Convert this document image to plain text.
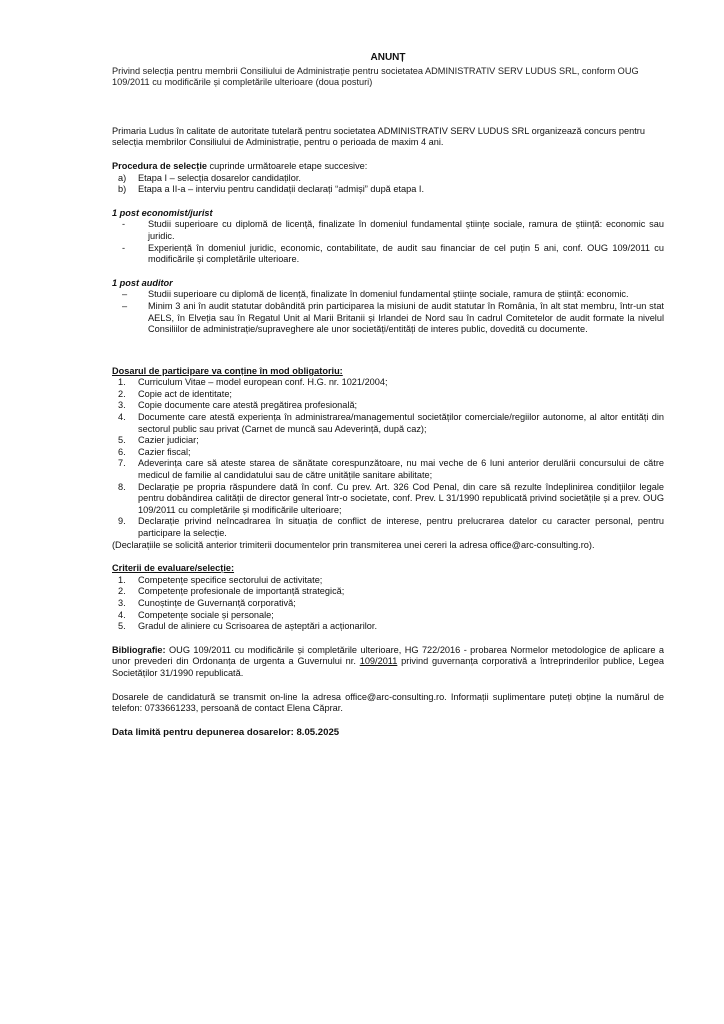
ANUNȚ

Privind selecția pentru membrii Consiliului de Administrație pentru societatea ADMINISTRATIV SERV LUDUS SRL, conform OUG 109/2011 cu modificările și completările ulterioare (doua posturi)

Primaria Ludus în calitate de autoritate tutelară pentru societatea ADMINISTRATIV SERV LUDUS SRL organizează concurs pentru selecția membrilor Consiliului de Administrație, pentru o perioada de maxim 4 ani.

Procedura de selecție cuprinde următoarele etape succesive:

a)	Etapa I – selecția dosarelor candidaților.
b)	Etapa a II-a – interviu pentru candidații declarați “admiși” după etapa I.

1 post economist/jurist

-	Studii superioare cu diplomă de licență, finalizate în domeniul fundamental științe sociale, ramura de știință: economic sau juridic.
-	Experiență în domeniul juridic, economic, contabilitate, de audit sau financiar de cel puțin 5 ani, conf. OUG 109/2011 cu modificările și completările ulterioare.

1 post auditor

–	Studii superioare cu diplomă de licență, finalizate în domeniul fundamental științe sociale, ramura de știință: economic.
–	Minim 3 ani în audit statutar dobândită prin participarea la misiuni de audit statutar în România, în alt stat membru, într-un stat AELS, în Elveția sau în Regatul Unit al Marii Britanii și Irlandei de Nord sau în cadrul Comitetelor de audit formate la nivelul Consiliilor de administrație/supraveghere ale unor societăți/entități de interes public, dovedită cu documente.

Dosarul de participare va conține în mod obligatoriu:

1.	Curriculum Vitae – model european conf. H.G. nr. 1021/2004;
2.	Copie act de identitate;
3.	Copie documente care atestă pregătirea profesională;
4.	Documente care atestă experiența în administrarea/managementul societăților comerciale/regiilor autonome, al altor entități din sectorul public sau privat (Carnet de muncă sau Adeverință, după caz);
5.	Cazier judiciar;
6.	Cazier fiscal;
7.	Adeverința care să ateste starea de sănătate corespunzătoare, nu mai veche de 6 luni anterior derulării concursului de către medicul de familie al candidatului sau de către unitățile sanitare abilitate;
8.	Declarație pe propria răspundere dată în conf. Cu prev. Art. 326 Cod Penal, din care să rezulte îndeplinirea condițiilor legale pentru dobândirea calității de director general într-o societate, conf. Prev. L 31/1990 republicată privind societățile și a prev. OUG 109/2011 cu completările și modificările ulterioare;
9.	Declarație privind neîncadrarea în situația de conflict de interese, pentru prelucrarea datelor cu caracter personal, pentru participare la selecție.

(Declarațiile se solicită anterior trimiterii documentelor prin transmiterea unei cereri la adresa office@arc-consulting.ro).

Criterii de evaluare/selecție:

1.	Competențe specifice sectorului de activitate;
2.	Competențe profesionale de importanță strategică;
3.	Cunoștințe de Guvernanță corporativă;
4.	Competențe sociale și personale;
5.	Gradul de aliniere cu Scrisoarea de așteptări a acționarilor.

Bibliografie: OUG 109/2011 cu modificările și completările ulterioare, HG 722/2016 - probarea Normelor metodologice de aplicare a unor prevederi din Ordonanța de urgenta a Guvernului nr. 109/2011 privind guvernanța corporativă a întreprinderilor publice, Legea Societăților 31/1990 republicată.

Dosarele de candidatură se transmit on-line la adresa office@arc-consulting.ro. Informații suplimentare puteți obține la numărul de telefon: 0733661233, persoană de contact Elena Căprar.

Data limită pentru depunerea dosarelor: 8.05.2025
